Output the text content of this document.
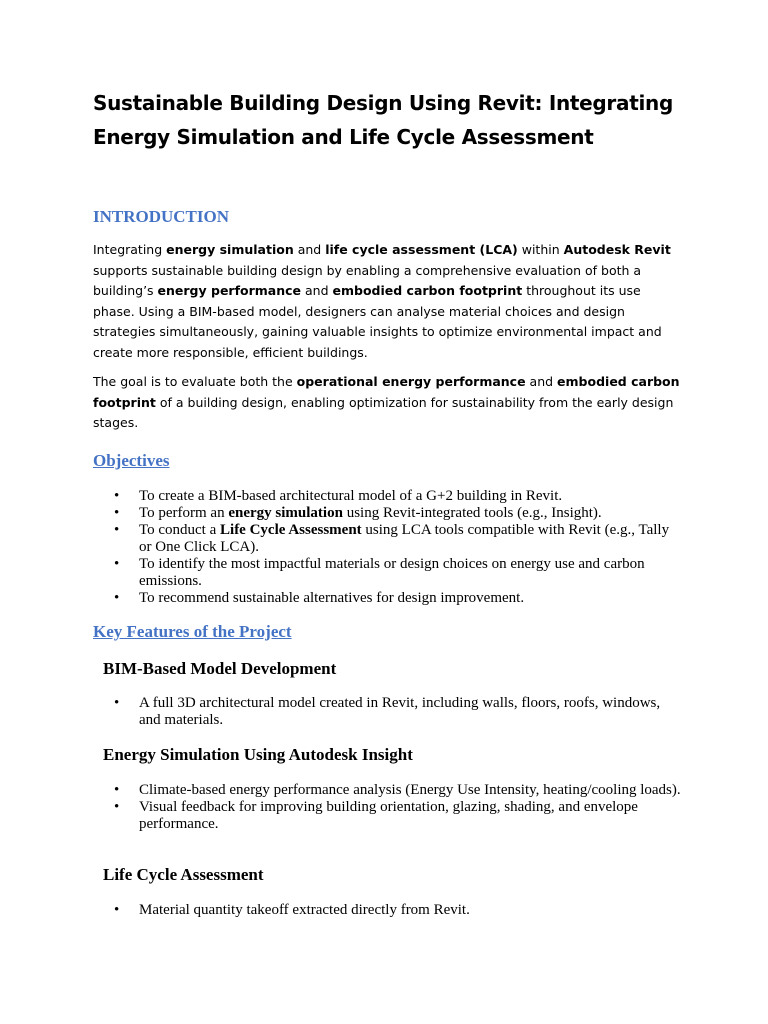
Sustainable Building Design Using Revit: Integrating Energy Simulation and Life Cycle Assessment
INTRODUCTION

Integrating energy simulation and life cycle assessment (LCA) within Autodesk Revit supports sustainable building design by enabling a comprehensive evaluation of both a building’s energy performance and embodied carbon footprint throughout its use phase. Using a BIM-based model, designers can analyse material choices and design strategies simultaneously, gaining valuable insights to optimize environmental impact and create more responsible, efficient buildings.

The goal is to evaluate both the operational energy performance and embodied carbon footprint of a building design, enabling optimization for sustainability from the early design stages.

Objectives
• To create a BIM-based architectural model of a G+2 building in Revit.
• To perform an energy simulation using Revit-integrated tools (e.g., Insight).
• To conduct a Life Cycle Assessment using LCA tools compatible with Revit (e.g., Tally or One Click LCA).
• To identify the most impactful materials or design choices on energy use and carbon emissions.
• To recommend sustainable alternatives for design improvement.
Key Features of the Project
BIM-Based Model Development
• A full 3D architectural model created in Revit, including walls, floors, roofs, windows, and materials.
Energy Simulation Using Autodesk Insight
• Climate-based energy performance analysis (Energy Use Intensity, heating/cooling loads).
• Visual feedback for improving building orientation, glazing, shading, and envelope performance.
Life Cycle Assessment
• Material quantity takeoff extracted directly from Revit.
